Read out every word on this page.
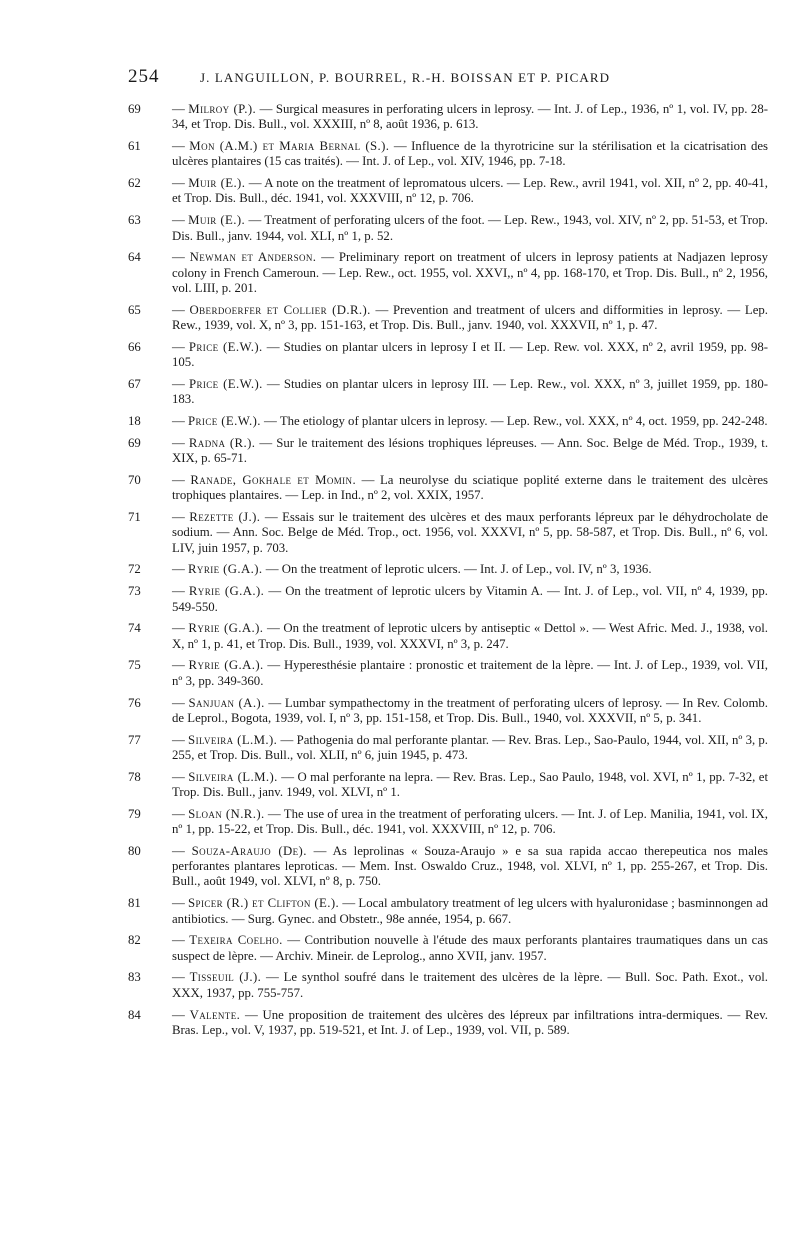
254	J. LANGUILLON, P. BOURREL, R.-H. BOISSAN ET P. PICARD
69 — Milroy (P.). — Surgical measures in perforating ulcers in leprosy. — Int. J. of Lep., 1936, nº 1, vol. IV, pp. 28-34, et Trop. Dis. Bull., vol. XXXIII, nº 8, août 1936, p. 613.
61 — Mon (A.M.) et Maria Bernal (S.). — Influence de la thyrotricine sur la stérilisation et la cicatrisation des ulcères plantaires (15 cas traités). — Int. J. of Lep., vol. XIV, 1946, pp. 7-18.
62 — Muir (E.). — A note on the treatment of lepromatous ulcers. — Lep. Rew., avril 1941, vol. XII, nº 2, pp. 40-41, et Trop. Dis. Bull., déc. 1941, vol. XXXVIII, nº 12, p. 706.
63 — Muir (E.). — Treatment of perforating ulcers of the foot. — Lep. Rew., 1943, vol. XIV, nº 2, pp. 51-53, et Trop. Dis. Bull., janv. 1944, vol. XLI, nº 1, p. 52.
64 — Newman et Anderson. — Preliminary report on treatment of ulcers in leprosy patients at Nadjazen leprosy colony in French Cameroun. — Lep. Rew., oct. 1955, vol. XXVI,, nº 4, pp. 168-170, et Trop. Dis. Bull., nº 2, 1956, vol. LIII, p. 201.
65 — Oberdoerfer et Collier (D.R.). — Prevention and treatment of ulcers and difformities in leprosy. — Lep. Rew., 1939, vol. X, nº 3, pp. 151-163, et Trop. Dis. Bull., janv. 1940, vol. XXXVII, nº 1, p. 47.
66 — Price (E.W.). — Studies on plantar ulcers in leprosy I et II. — Lep. Rew. vol. XXX, nº 2, avril 1959, pp. 98-105.
67 — Price (E.W.). — Studies on plantar ulcers in leprosy III. — Lep. Rew., vol. XXX, nº 3, juillet 1959, pp. 180-183.
18 — Price (E.W.). — The etiology of plantar ulcers in leprosy. — Lep. Rew., vol. XXX, nº 4, oct. 1959, pp. 242-248.
69 — Radna (R.). — Sur le traitement des lésions trophiques lépreuses. — Ann. Soc. Belge de Méd. Trop., 1939, t. XIX, p. 65-71.
70 — Ranade, Gokhale et Momin. — La neurolyse du sciatique poplité externe dans le traitement des ulcères trophiques plantaires. — Lep. in Ind., nº 2, vol. XXIX, 1957.
71 — Rezette (J.). — Essais sur le traitement des ulcères et des maux perforants lépreux par le déhydrocholate de sodium. — Ann. Soc. Belge de Méd. Trop., oct. 1956, vol. XXXVI, nº 5, pp. 58-587, et Trop. Dis. Bull., nº 6, vol. LIV, juin 1957, p. 703.
72 — Ryrie (G.A.). — On the treatment of leprotic ulcers. — Int. J. of Lep., vol. IV, nº 3, 1936.
73 — Ryrie (G.A.). — On the treatment of leprotic ulcers by Vitamin A. — Int. J. of Lep., vol. VII, nº 4, 1939, pp. 549-550.
74 — Ryrie (G.A.). — On the treatment of leprotic ulcers by antiseptic « Dettol ». — West Afric. Med. J., 1938, vol. X, nº 1, p. 41, et Trop. Dis. Bull., 1939, vol. XXXVI, nº 3, p. 247.
75 — Ryrie (G.A.). — Hyperesthésie plantaire : pronostic et traitement de la lèpre. — Int. J. of Lep., 1939, vol. VII, nº 3, pp. 349-360.
76 — Sanjuan (A.). — Lumbar sympathectomy in the treatment of perforating ulcers of leprosy. — In Rev. Colomb. de Leprol., Bogota, 1939, vol. I, nº 3, pp. 151-158, et Trop. Dis. Bull., 1940, vol. XXXVII, nº 5, p. 341.
77 — Silveira (L.M.). — Pathogenia do mal perforante plantar. — Rev. Bras. Lep., Sao-Paulo, 1944, vol. XII, nº 3, p. 255, et Trop. Dis. Bull., vol. XLII, nº 6, juin 1945, p. 473.
78 — Silveira (L.M.). — O mal perforante na lepra. — Rev. Bras. Lep., Sao Paulo, 1948, vol. XVI, nº 1, pp. 7-32, et Trop. Dis. Bull., janv. 1949, vol. XLVI, nº 1.
79 — Sloan (N.R.). — The use of urea in the treatment of perforating ulcers. — Int. J. of Lep. Manilia, 1941, vol. IX, nº 1, pp. 15-22, et Trop. Dis. Bull., déc. 1941, vol. XXXVIII, nº 12, p. 706.
80 — Souza-Araujo (De). — As leprolinas « Souza-Araujo » e sa sua rapida accao therepeutica nos males perforantes plantares leproticas. — Mem. Inst. Oswaldo Cruz., 1948, vol. XLVI, nº 1, pp. 255-267, et Trop. Dis. Bull., août 1949, vol. XLVI, nº 8, p. 750.
81 — Spicer (R.) et Clifton (E.). — Local ambulatory treatment of leg ulcers with hyaluronidase ; basminnongen ad antibiotics. — Surg. Gynec. and Obstetr., 98e année, 1954, p. 667.
82 — Texeira Coelho. — Contribution nouvelle à l'étude des maux perforants plantaires traumatiques dans un cas suspect de lèpre. — Archiv. Mineir. de Leprolog., anno XVII, janv. 1957.
83 — Tisseuil (J.). — Le synthol soufré dans le traitement des ulcères de la lèpre. — Bull. Soc. Path. Exot., vol. XXX, 1937, pp. 755-757.
84 — Valente. — Une proposition de traitement des ulcères des lépreux par infiltrations intra-dermiques. — Rev. Bras. Lep., vol. V, 1937, pp. 519-521, et Int. J. of Lep., 1939, vol. VII, p. 589.
